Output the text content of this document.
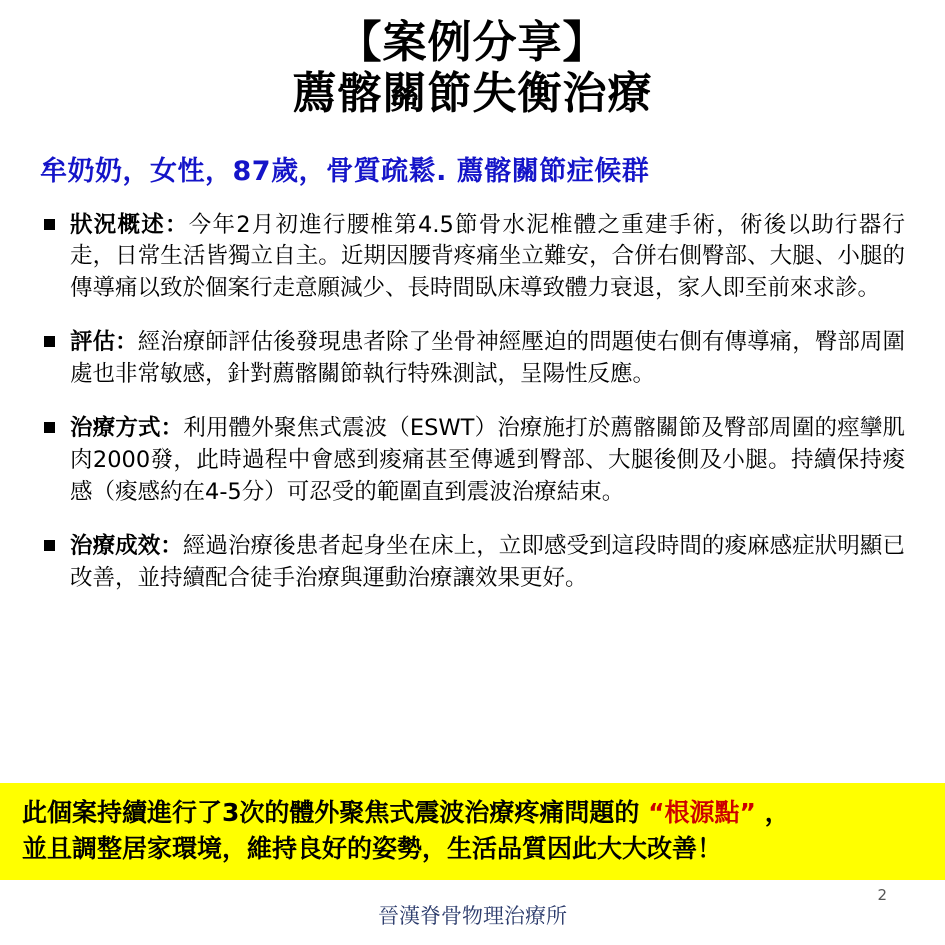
【案例分享】
薦髂關節失衡治療
牟奶奶，女性，87歲，骨質疏鬆. 薦髂關節症候群
狀況概述：今年2月初進行腰椎第4.5節骨水泥椎體之重建手術，術後以助行器行走，日常生活皆獨立自主。近期因腰背疼痛坐立難安，合併右側臀部、大腿、小腿的傳導痛以致於個案行走意願減少、長時間臥床導致體力衰退，家人即至前來求診。
評估：經治療師評估後發現患者除了坐骨神經壓迫的問題使右側有傳導痛，臀部周圍處也非常敏感，針對薦髂關節執行特殊測試，呈陽性反應。
治療方式：利用體外聚焦式震波（ESWT）治療施打於薦髂關節及臀部周圍的痙攣肌肉2000發，此時過程中會感到痠痛甚至傳遞到臀部、大腿後側及小腿。持續保持痠感（痠感約在4-5分）可忍受的範圍直到震波治療結束。
治療成效：經過治療後患者起身坐在床上，立即感受到這段時間的痠麻感症狀明顯已改善，並持續配合徒手治療與運動治療讓效果更好。
此個案持續進行了3次的體外聚焦式震波治療疼痛問題的 “根源點” ，
並且調整居家環境，維持良好的姿勢，生活品質因此大大改善！
2
晉漢脊骨物理治療所
